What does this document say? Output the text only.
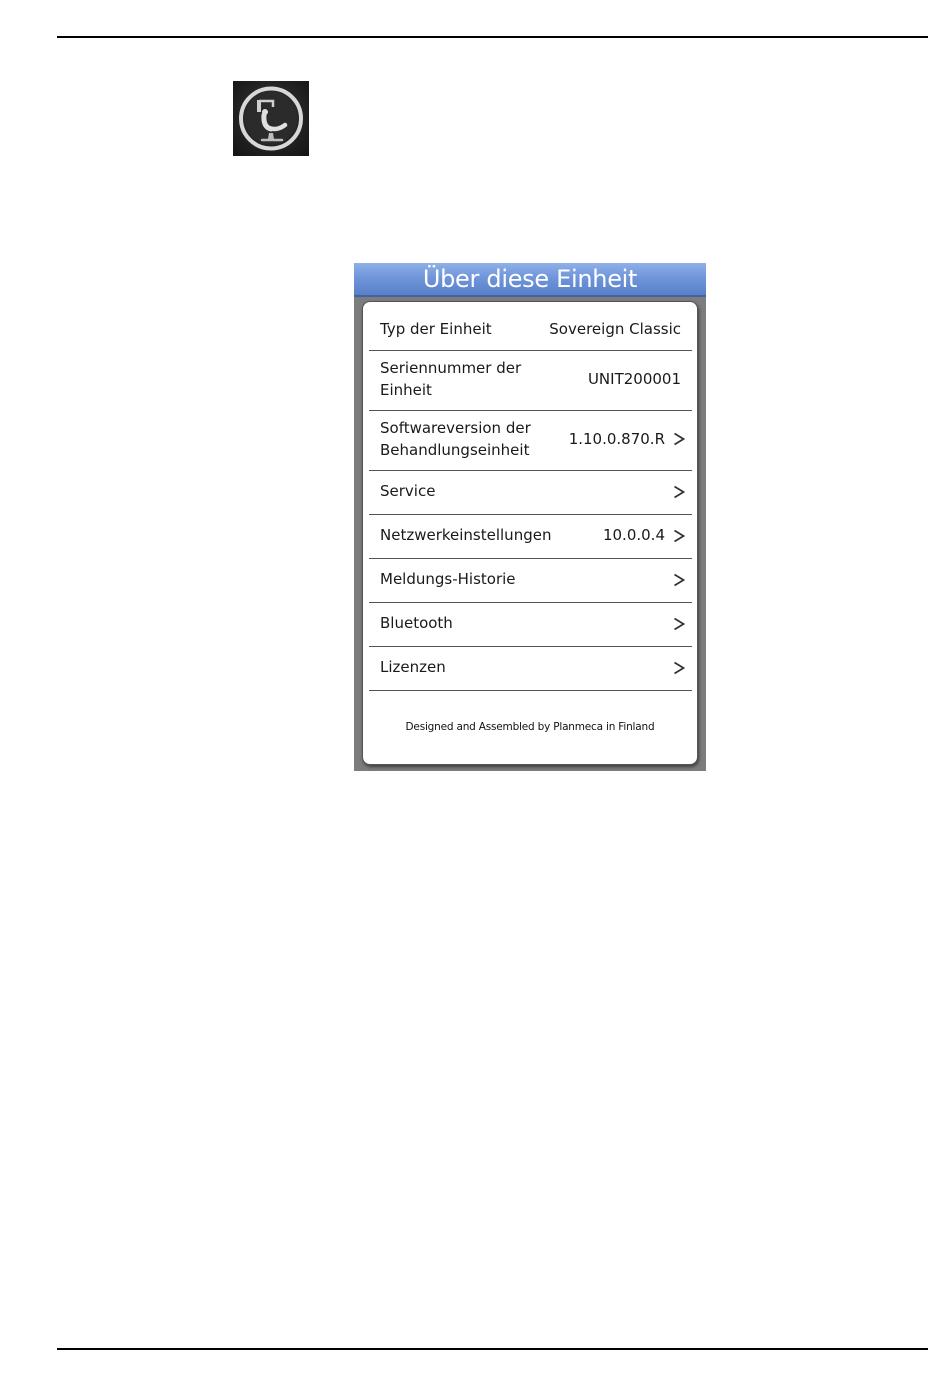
Über diese Einheit
Typ der Einheit	Sovereign Classic
Seriennummer der
Einheit
UNIT200001
Softwareversion der
Behandlungseinheit
1.10.0.870.R
Service
Netzwerkeinstellungen	10.0.0.4
Meldungs-Historie
Bluetooth
Lizenzen
Designed and Assembled by Planmeca in Finland
